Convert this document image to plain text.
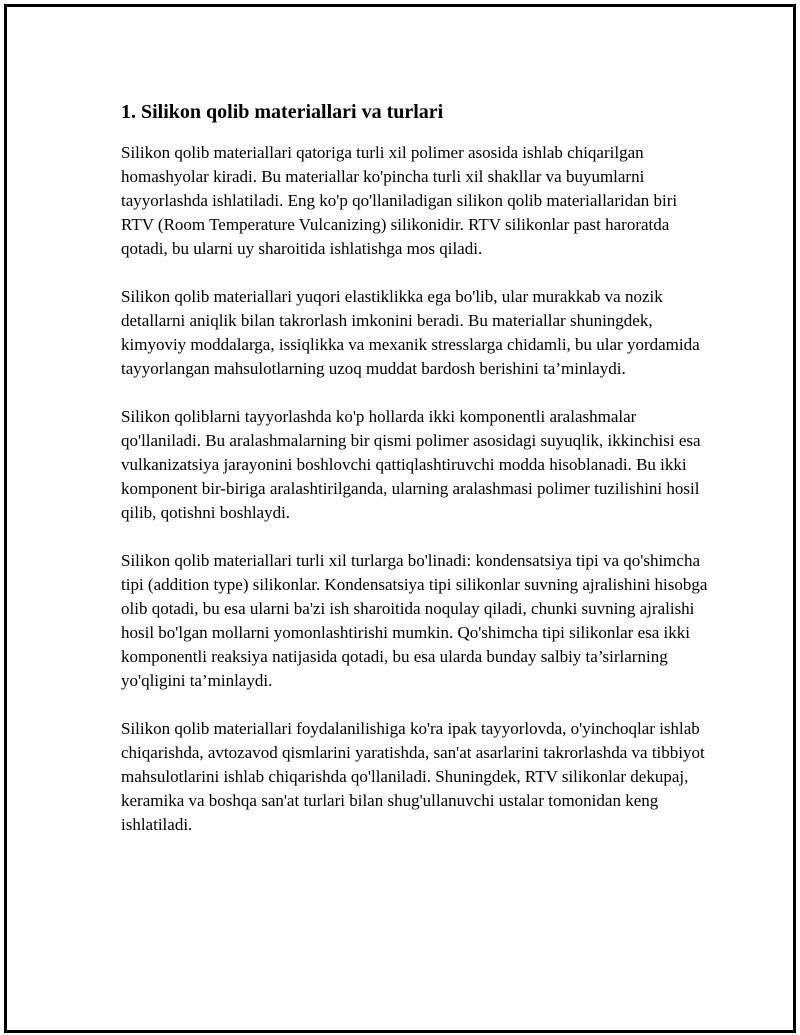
1. Silikon qolib materiallari va turlari

Silikon qolib materiallari qatoriga turli xil polimer asosida ishlab chiqarilgan homashyolar kiradi. Bu materiallar ko'pincha turli xil shakllar va buyumlarni tayyorlashda ishlatiladi. Eng ko'p qo'llaniladigan silikon qolib materiallaridan biri RTV (Room Temperature Vulcanizing) silikonidir. RTV silikonlar past haroratda qotadi, bu ularni uy sharoitida ishlatishga mos qiladi.

Silikon qolib materiallari yuqori elastiklikka ega bo'lib, ular murakkab va nozik detallarni aniqlik bilan takrorlash imkonini beradi. Bu materiallar shuningdek, kimyoviy moddalarga, issiqlikka va mexanik stresslarga chidamli, bu ular yordamida tayyorlangan mahsulotlarning uzoq muddat bardosh berishini ta’minlaydi.

Silikon qoliblarni tayyorlashda ko'p hollarda ikki komponentli aralashmalar qo'llaniladi. Bu aralashmalarning bir qismi polimer asosidagi suyuqlik, ikkinchisi esa vulkanizatsiya jarayonini boshlovchi qattiqlashtiruvchi modda hisoblanadi. Bu ikki komponent bir-biriga aralashtirilganda, ularning aralashmasi polimer tuzilishini hosil qilib, qotishni boshlaydi.

Silikon qolib materiallari turli xil turlarga bo'linadi: kondensatsiya tipi va qo'shimcha tipi (addition type) silikonlar. Kondensatsiya tipi silikonlar suvning ajralishini hisobga olib qotadi, bu esa ularni ba'zi ish sharoitida noqulay qiladi, chunki suvning ajralishi hosil bo'lgan mollarni yomonlashtirishi mumkin. Qo'shimcha tipi silikonlar esa ikki komponentli reaksiya natijasida qotadi, bu esa ularda bunday salbiy ta’sirlarning yo'qligini ta’minlaydi.

Silikon qolib materiallari foydalanilishiga ko'ra ipak tayyorlovda, o'yinchoqlar ishlab chiqarishda, avtozavod qismlarini yaratishda, san'at asarlarini takrorlashda va tibbiyot mahsulotlarini ishlab chiqarishda qo'llaniladi. Shuningdek, RTV silikonlar dekupaj, keramika va boshqa san'at turlari bilan shug'ullanuvchi ustalar tomonidan keng ishlatiladi.
